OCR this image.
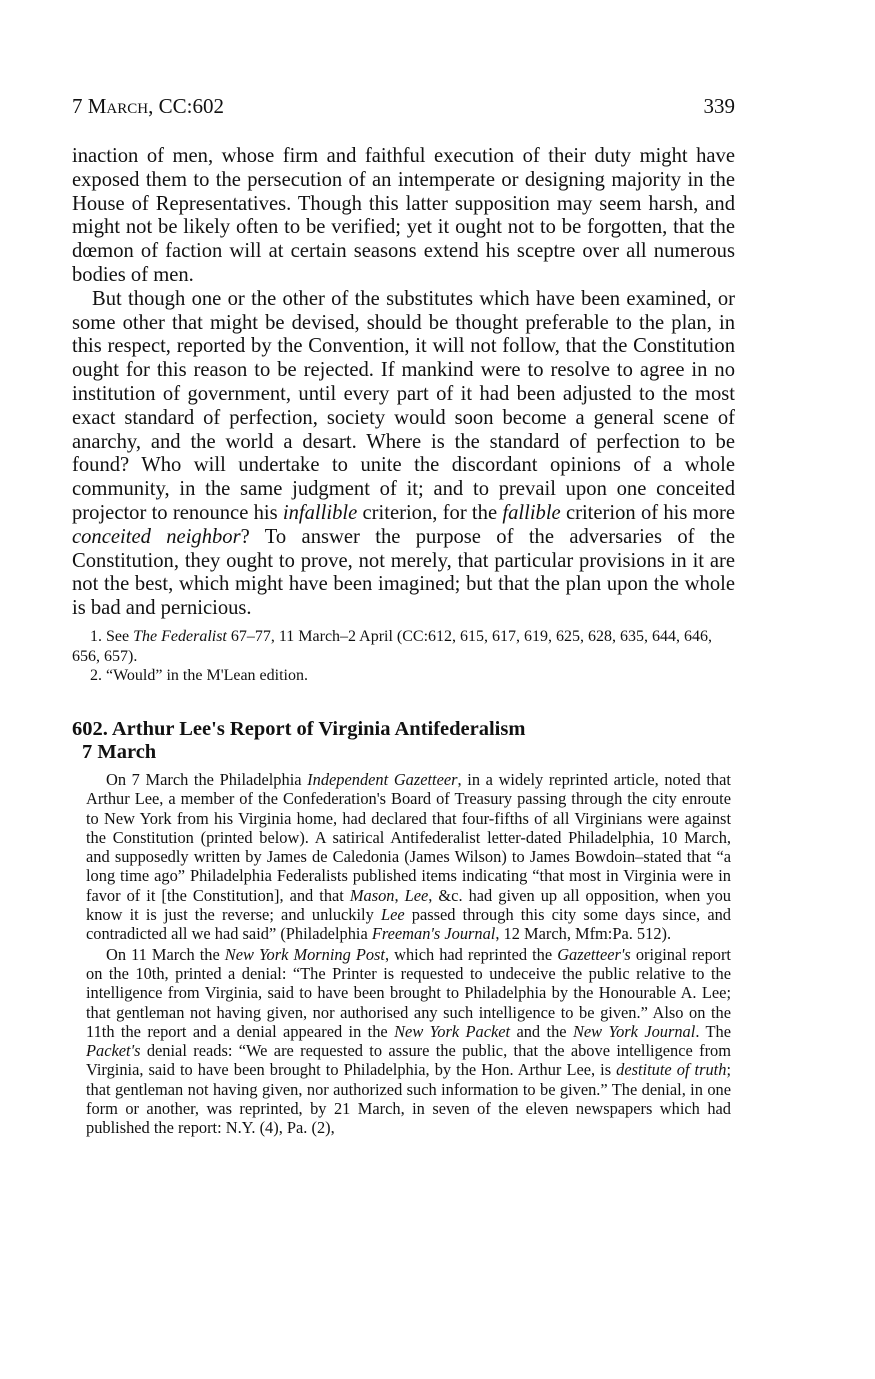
7 March, CC:602	339

inaction of men, whose firm and faithful execution of their duty might have exposed them to the persecution of an intemperate or designing majority in the House of Representatives. Though this latter supposition may seem harsh, and might not be likely often to be verified; yet it ought not to be forgotten, that the dœmon of faction will at certain seasons extend his sceptre over all numerous bodies of men.

But though one or the other of the substitutes which have been examined, or some other that might be devised, should be thought preferable to the plan, in this respect, reported by the Convention, it will not follow, that the Constitution ought for this reason to be rejected. If mankind were to resolve to agree in no institution of government, until every part of it had been adjusted to the most exact standard of perfection, society would soon become a general scene of anarchy, and the world a desart. Where is the standard of perfection to be found? Who will undertake to unite the discordant opinions of a whole community, in the same judgment of it; and to prevail upon one conceited projector to renounce his infallible criterion, for the fallible criterion of his more conceited neighbor? To answer the purpose of the adversaries of the Constitution, they ought to prove, not merely, that particular provisions in it are not the best, which might have been imagined; but that the plan upon the whole is bad and pernicious.

1. See The Federalist 67–77, 11 March–2 April (CC:612, 615, 617, 619, 625, 628, 635, 644, 646, 656, 657).

2. “Would” in the M'Lean edition.

602. Arthur Lee's Report of Virginia Antifederalism
7 March

On 7 March the Philadelphia Independent Gazetteer, in a widely reprinted article, noted that Arthur Lee, a member of the Confederation's Board of Treasury passing through the city enroute to New York from his Virginia home, had declared that four-fifths of all Virginians were against the Constitution (printed below). A satirical Antifederalist letter-dated Philadelphia, 10 March, and supposedly written by James de Caledonia (James Wilson) to James Bowdoin–stated that “a long time ago” Philadelphia Federalists published items indicating “that most in Virginia were in favor of it [the Constitution], and that Mason, Lee, &c. had given up all opposition, when you know it is just the reverse; and unluckily Lee passed through this city some days since, and contradicted all we had said” (Philadelphia Freeman's Journal, 12 March, Mfm:Pa. 512).

On 11 March the New York Morning Post, which had reprinted the Gazetteer's original report on the 10th, printed a denial: “The Printer is requested to undeceive the public relative to the intelligence from Virginia, said to have been brought to Philadelphia by the Honourable A. Lee; that gentleman not having given, nor authorised any such intelligence to be given.” Also on the 11th the report and a denial appeared in the New York Packet and the New York Journal. The Packet's denial reads: “We are requested to assure the public, that the above intelligence from Virginia, said to have been brought to Philadelphia, by the Hon. Arthur Lee, is destitute of truth; that gentleman not having given, nor authorized such information to be given.” The denial, in one form or another, was reprinted, by 21 March, in seven of the eleven newspapers which had published the report: N.Y. (4), Pa. (2),
